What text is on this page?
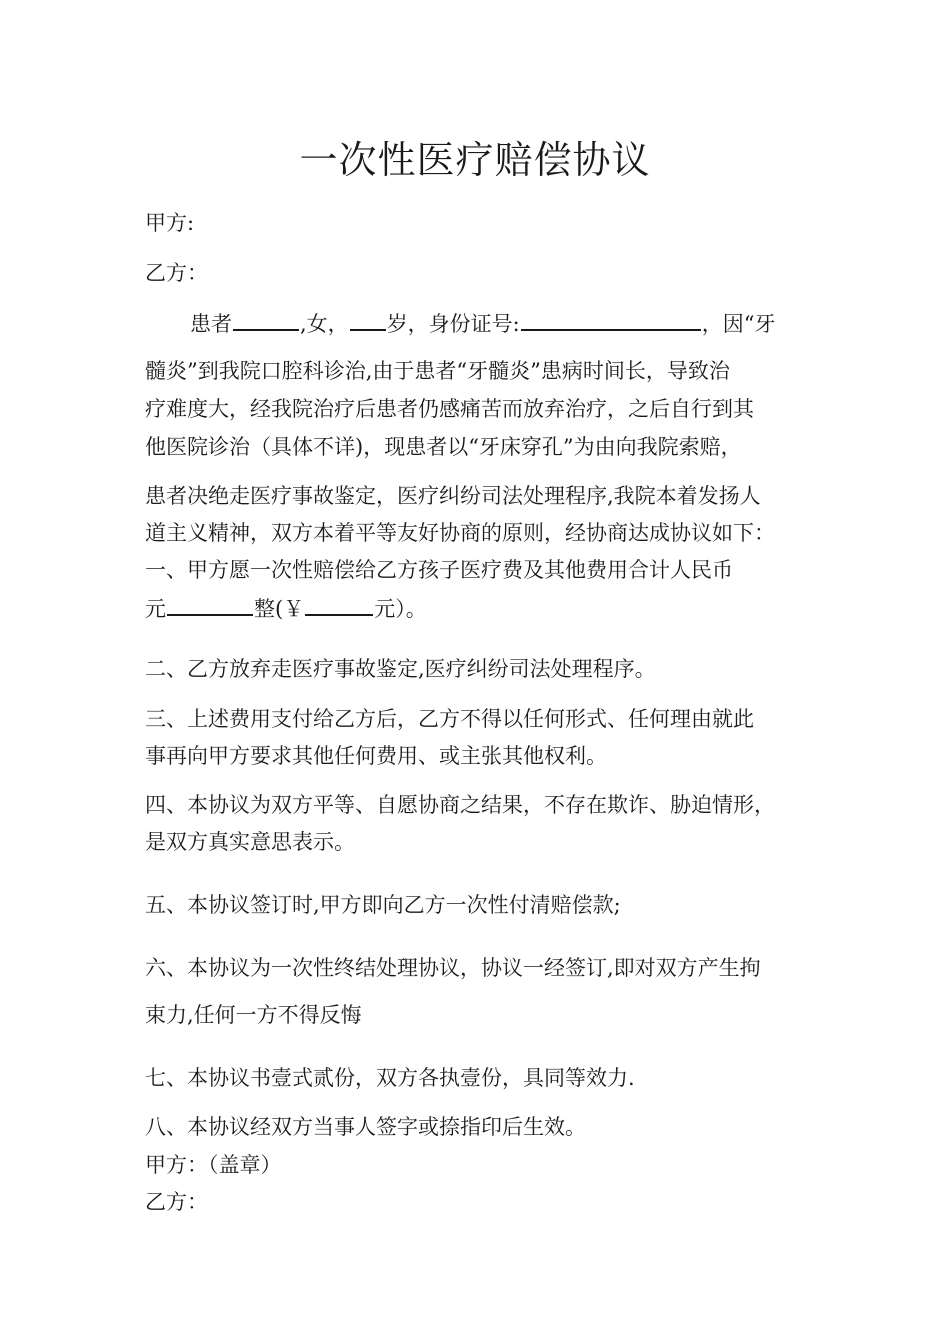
一次性医疗赔偿协议
甲方:
乙方：
患者	,女， 岁，身份证号:	，因“牙
髓炎”到我院口腔科诊治,由于患者“牙髓炎”患病时间长，导致治
疗难度大，经我院治疗后患者仍感痛苦而放弃治疗，之后自行到其
他医院诊治（具体不详)，现患者以“牙床穿孔”为由向我院索赔，
患者决绝走医疗事故鉴定，医疗纠纷司法处理程序,我院本着发扬人
道主义精神，双方本着平等友好协商的原则，经协商达成协议如下：
一、甲方愿一次性赔偿给乙方孩子医疗费及其他费用合计人民币
元	整(￥	元）。
二、乙方放弃走医疗事故鉴定,医疗纠纷司法处理程序。
三、上述费用支付给乙方后，乙方不得以任何形式、任何理由就此
事再向甲方要求其他任何费用、或主张其他权利。
四、本协议为双方平等、自愿协商之结果，不存在欺诈、胁迫情形，
是双方真实意思表示。
五、本协议签订时,甲方即向乙方一次性付清赔偿款;
六、本协议为一次性终结处理协议，协议一经签订,即对双方产生拘
束力,任何一方不得反悔
七、本协议书壹式贰份，双方各执壹份，具同等效力.
八、本协议经双方当事人签字或捺指印后生效。
甲方：（盖章）
乙方：
